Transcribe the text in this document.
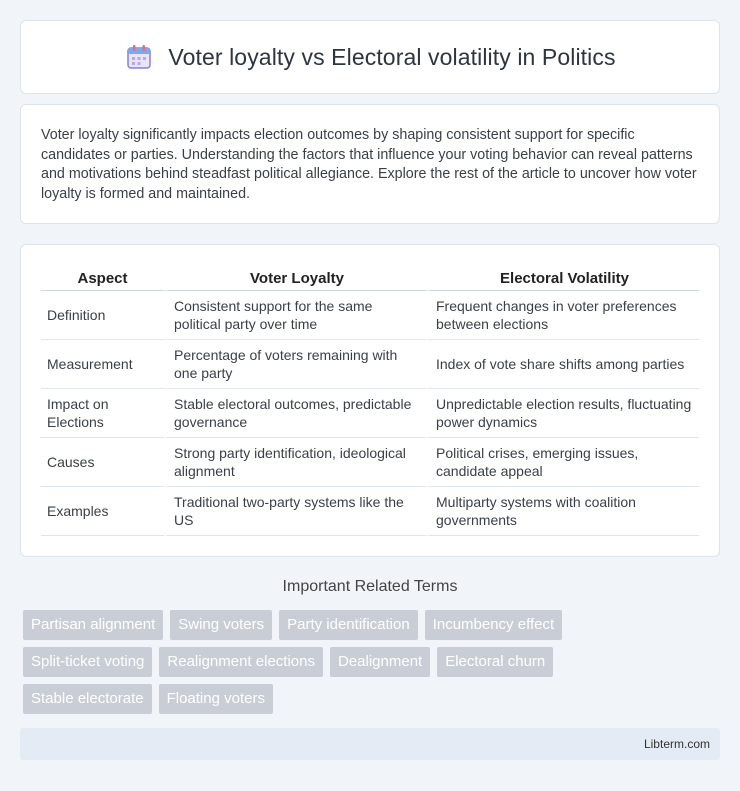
Voter loyalty vs Electoral volatility in Politics

Voter loyalty significantly impacts election outcomes by shaping consistent support for specific candidates or parties. Understanding the factors that influence your voting behavior can reveal patterns and motivations behind steadfast political allegiance. Explore the rest of the article to uncover how voter loyalty is formed and maintained.

Aspect	Voter Loyalty	Electoral Volatility
Definition	Consistent support for the same political party over time	Frequent changes in voter preferences between elections
Measurement	Percentage of voters remaining with one party	Index of vote share shifts among parties
Impact on Elections	Stable electoral outcomes, predictable governance	Unpredictable election results, fluctuating power dynamics
Causes	Strong party identification, ideological alignment	Political crises, emerging issues, candidate appeal
Examples	Traditional two-party systems like the US	Multiparty systems with coalition governments
Important Related Terms
Partisan alignment	Swing voters	Party identification	Incumbency effect
Split-ticket voting	Realignment elections	Dealignment	Electoral churn
Stable electorate	Floating voters
Libterm.com
